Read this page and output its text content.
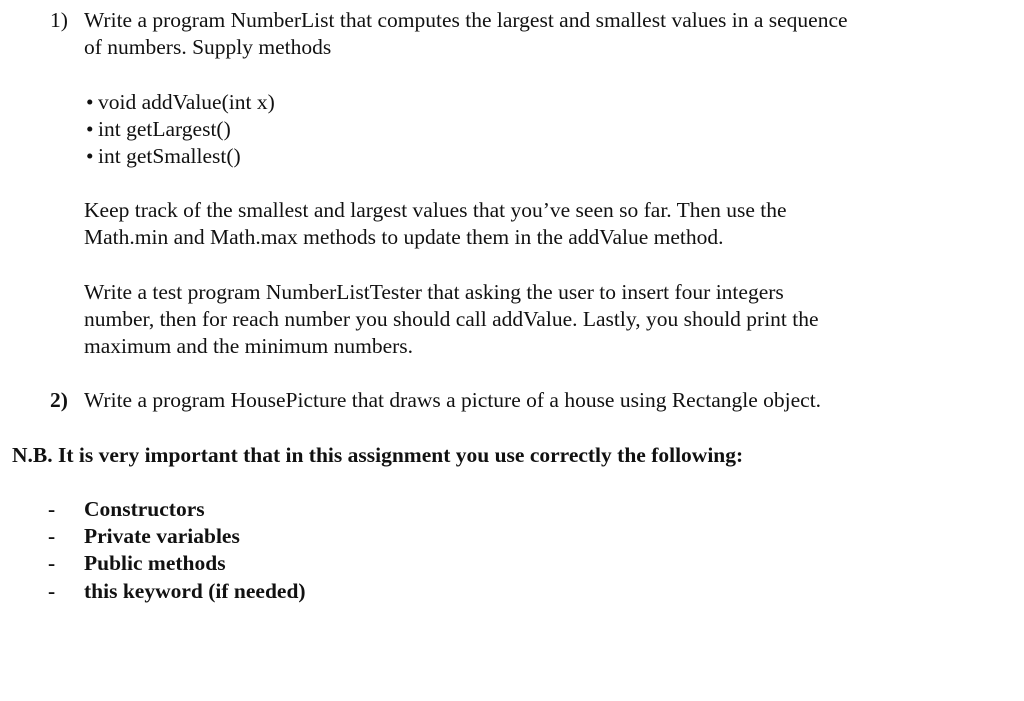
1) Write a program NumberList that computes the largest and smallest values in a sequence
of numbers. Supply methods
• void addValue(int x)
• int getLargest()
• int getSmallest()
Keep track of the smallest and largest values that you’ve seen so far. Then use the
Math.min and Math.max methods to update them in the addValue method.
Write a test program NumberListTester that asking the user to insert four integers
number, then for reach number you should call addValue. Lastly, you should print the
maximum and the minimum numbers.
2) Write a program HousePicture that draws a picture of a house using Rectangle object.
N.B. It is very important that in this assignment you use correctly the following:
- Constructors
- Private variables
- Public methods
- this keyword (if needed)
